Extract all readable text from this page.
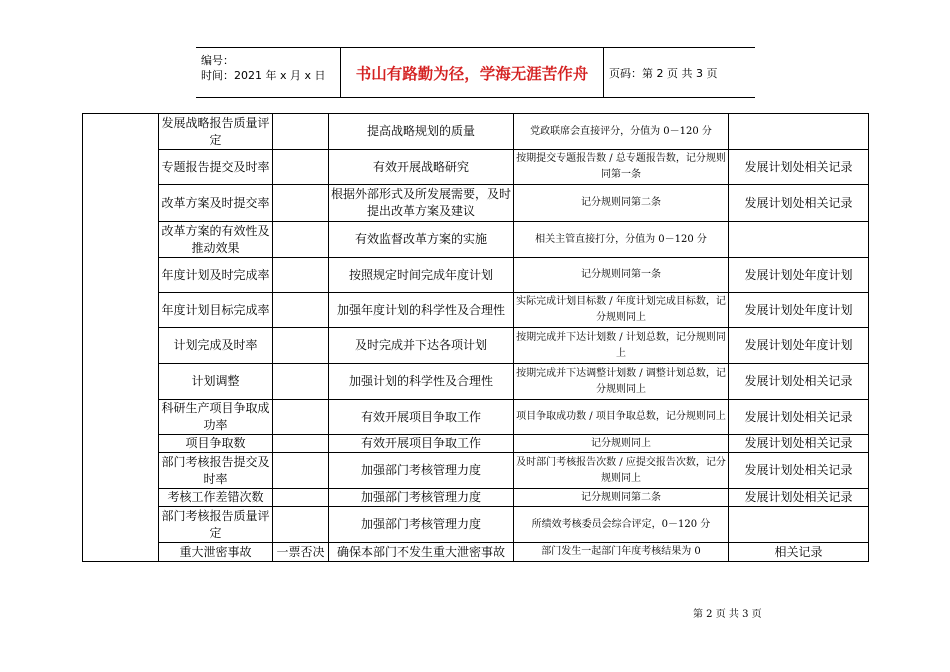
编号：
时间：2021 年 x 月 x 日	书山有路勤为径，学海无涯苦作舟	页码：第 2 页 共 3 页
	发展战略报告质量评定		提高战略规划的质量	党政联席会直接评分，分值为 0－120 分	
	专题报告提交及时率		有效开展战略研究	按期提交专题报告数 / 总专题报告数，记分规则同第一条	发展计划处相关记录
	改革方案及时提交率		根据外部形式及所发展需要，及时提出改革方案及建议	记分规则同第二条	发展计划处相关记录
	改革方案的有效性及推动效果		有效监督改革方案的实施	相关主管直接打分，分值为 0－120 分	
	年度计划及时完成率		按照规定时间完成年度计划	记分规则同第一条	发展计划处年度计划
	年度计划目标完成率		加强年度计划的科学性及合理性	实际完成计划目标数 / 年度计划完成目标数，记分规则同上	发展计划处年度计划
	计划完成及时率		及时完成并下达各项计划	按期完成并下达计划数 / 计划总数，记分规则同上	发展计划处年度计划
	计划调整		加强计划的科学性及合理性	按期完成并下达调整计划数 / 调整计划总数，记分规则同上	发展计划处相关记录
	科研生产项目争取成功率		有效开展项目争取工作	项目争取成功数 / 项目争取总数，记分规则同上	发展计划处相关记录
	项目争取数		有效开展项目争取工作	记分规则同上	发展计划处相关记录
	部门考核报告提交及时率		加强部门考核管理力度	及时部门考核报告次数 / 应提交报告次数，记分规则同上	发展计划处相关记录
	考核工作差错次数		加强部门考核管理力度	记分规则同第二条	发展计划处相关记录
	部门考核报告质量评定		加强部门考核管理力度	所绩效考核委员会综合评定，0－120 分	
	重大泄密事故	一票否决	确保本部门不发生重大泄密事故	部门发生一起部门年度考核结果为 0	相关记录
第 2 页 共 3 页
